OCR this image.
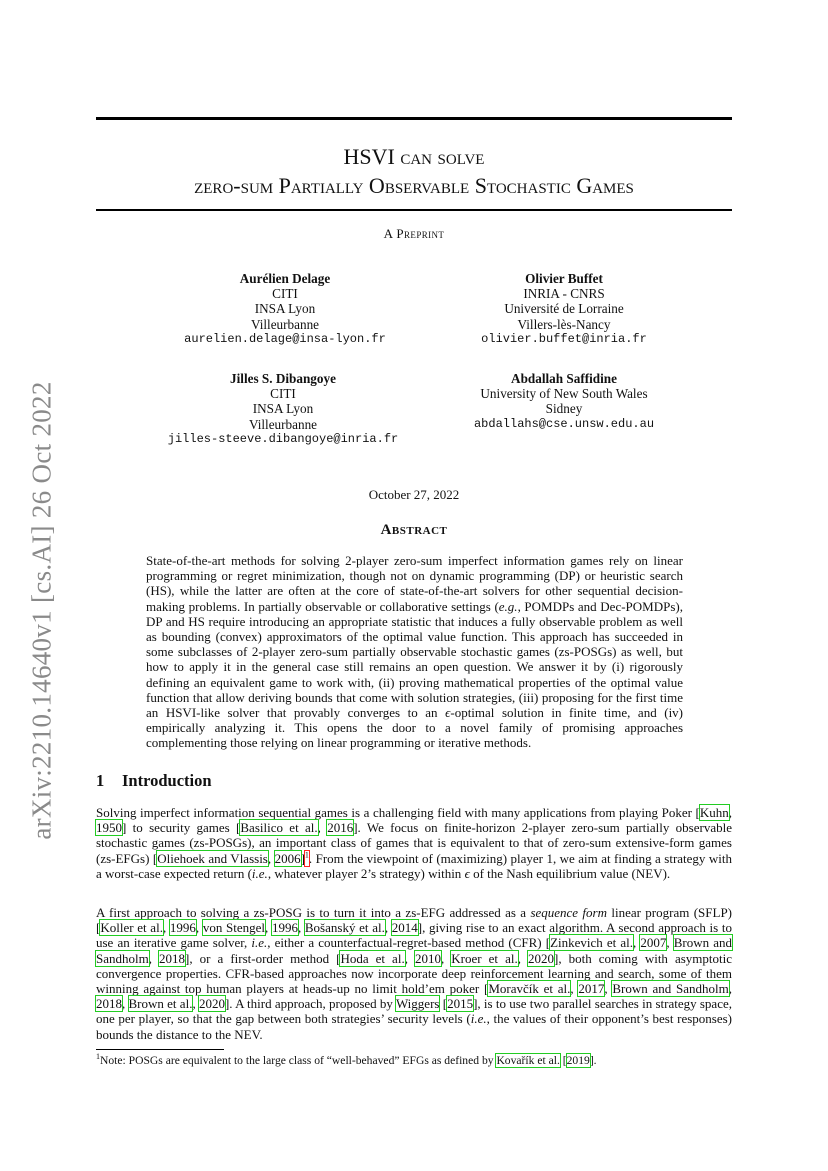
arXiv:2210.14640v1 [cs.AI] 26 Oct 2022
HSVI can solve
zero-sum Partially Observable Stochastic Games
A Preprint
Aurélien Delage
CITI
INSA Lyon
Villeurbanne
aurelien.delage@insa-lyon.fr
Olivier Buffet
INRIA - CNRS
Université de Lorraine
Villers-lès-Nancy
olivier.buffet@inria.fr
Jilles S. Dibangoye
CITI
INSA Lyon
Villeurbanne
jilles-steeve.dibangoye@inria.fr
Abdallah Saffidine
University of New South Wales
Sidney
abdallahs@cse.unsw.edu.au
October 27, 2022
Abstract
State-of-the-art methods for solving 2-player zero-sum imperfect information games rely on linear programming or regret minimization, though not on dynamic programming (DP) or heuristic search (HS), while the latter are often at the core of state-of-the-art solvers for other sequential decision-making problems. In partially observable or collaborative settings (e.g., POMDPs and Dec-POMDPs), DP and HS require introducing an appropriate statistic that induces a fully observable problem as well as bounding (convex) approximators of the optimal value function. This approach has succeeded in some subclasses of 2-player zero-sum partially observable stochastic games (zs-POSGs) as well, but how to apply it in the general case still remains an open question. We answer it by (i) rigorously defining an equivalent game to work with, (ii) proving mathematical properties of the optimal value function that allow deriving bounds that come with solution strategies, (iii) proposing for the first time an HSVI-like solver that provably converges to an ϵ-optimal solution in finite time, and (iv) empirically analyzing it. This opens the door to a novel family of promising approaches complementing those relying on linear programming or iterative methods.
1 Introduction

Solving imperfect information sequential games is a challenging field with many applications from playing Poker [Kuhn, 1950] to security games [Basilico et al., 2016]. We focus on finite-horizon 2-player zero-sum partially observable stochastic games (zs-POSGs), an important class of games that is equivalent to that of zero-sum extensive-form games (zs-EFGs) [Oliehoek and Vlassis, 2006]$^1$. From the viewpoint of (maximizing) player 1, we aim at finding a strategy with a worst-case expected return (i.e., whatever player 2’s strategy) within ϵ of the Nash equilibrium value (NEV).

A first approach to solving a zs-POSG is to turn it into a zs-EFG addressed as a sequence form linear program (SFLP) [Koller et al., 1996, von Stengel, 1996, Bošanský et al., 2014], giving rise to an exact algorithm. A second approach is to use an iterative game solver, i.e., either a counterfactual-regret-based method (CFR) [Zinkevich et al., 2007, Brown and Sandholm, 2018], or a first-order method [Hoda et al., 2010, Kroer et al., 2020], both coming with asymptotic convergence properties. CFR-based approaches now incorporate deep reinforcement learning and search, some of them winning against top human players at heads-up no limit hold’em poker [Moravčík et al., 2017, Brown and Sandholm, 2018, Brown et al., 2020]. A third approach, proposed by Wiggers [2015], is to use two parallel searches in strategy space, one per player, so that the gap between both strategies’ security levels (i.e., the values of their opponent’s best responses) bounds the distance to the NEV.

$^1$Note: POSGs are equivalent to the large class of “well-behaved” EFGs as defined by Kovařík et al. [2019].
